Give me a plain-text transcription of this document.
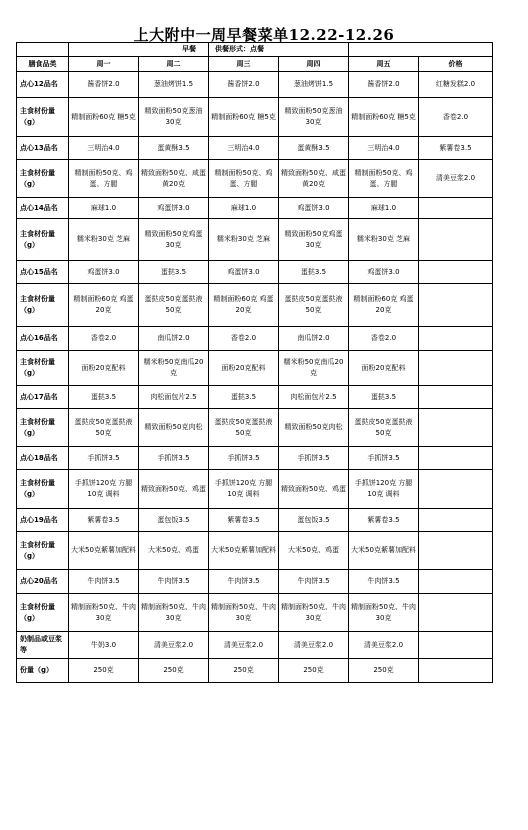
上大附中一周早餐菜单12.22-12.26
	早餐		供餐形式：点餐			
膳食品类	周一	周二	周三	周四	周五	价格
点心12品名	酱香饼2.0	葱油烤饼1.5	酱香饼2.0	葱油烤饼1.5	酱香饼2.0	红糖发糕2.0
主食材份量（g）	精制面粉60克 糖5克	精致面粉50克葱油30克	精制面粉60克 糖5克	精致面粉50克葱油30克	精制面粉60克 糖5克	香卷2.0
点心13品名	三明治4.0	蛋黄酥3.5	三明治4.0	蛋黄酥3.5	三明治4.0	紫薯卷3.5
主食材份量（g）	精制面粉50克、鸡蛋、方腿	精致面粉50克、咸蛋黄20克	精制面粉50克、鸡蛋、方腿	精致面粉50克、咸蛋黄20克	精制面粉50克、鸡蛋、方腿	清美豆浆2.0
点心14品名	麻球1.0	鸡蛋饼3.0	麻球1.0	鸡蛋饼3.0	麻球1.0	
主食材份量（g）	糯米粉30克 芝麻	精致面粉50克鸡蛋30克	糯米粉30克 芝麻	精致面粉50克鸡蛋30克	糯米粉30克 芝麻	
点心15品名	鸡蛋饼3.0	蛋挞3.5	鸡蛋饼3.0	蛋挞3.5	鸡蛋饼3.0	
主食材份量（g）	精制面粉60克 鸡蛋20克	蛋挞皮50克蛋挞液50克	精制面粉60克 鸡蛋20克	蛋挞皮50克蛋挞液50克	精制面粉60克 鸡蛋20克	
点心16品名	香卷2.0	南瓜饼2.0	香卷2.0	南瓜饼2.0	香卷2.0	
主食材份量（g）	面粉20克配料	糯米粉50克南瓜20克	面粉20克配料	糯米粉50克南瓜20克	面粉20克配料	
点心17品名	蛋挞3.5	肉松面包片2.5	蛋挞3.5	肉松面包片2.5	蛋挞3.5	
主食材份量（g）	蛋挞皮50克蛋挞液50克	精致面粉50克肉松	蛋挞皮50克蛋挞液50克	精致面粉50克肉松	蛋挞皮50克蛋挞液50克	
点心18品名	手抓饼3.5	手抓饼3.5	手抓饼3.5	手抓饼3.5	手抓饼3.5	
主食材份量（g）	手抓饼120克 方腿10克 调料	精致面粉50克、鸡蛋	手抓饼120克 方腿10克 调料	精致面粉50克、鸡蛋	手抓饼120克 方腿10克 调料	
点心19品名	紫薯卷3.5	蛋包饭3.5	紫薯卷3.5	蛋包饭3.5	紫薯卷3.5	
主食材份量（g）	大米50克紫薯加配料	大米50克、鸡蛋	大米50克紫薯加配料	大米50克、鸡蛋	大米50克紫薯加配料	
点心20品名	牛肉饼3.5	牛肉饼3.5	牛肉饼3.5	牛肉饼3.5	牛肉饼3.5	
主食材份量（g）	精制面粉50克、牛肉30克	精制面粉50克、牛肉30克	精制面粉50克、牛肉30克	精制面粉50克、牛肉30克	精制面粉50克、牛肉30克	
奶制品或豆浆等	牛奶3.0	清美豆浆2.0	清美豆浆2.0	清美豆浆2.0	清美豆浆2.0	
份量（g）	250克	250克	250克	250克	250克	
